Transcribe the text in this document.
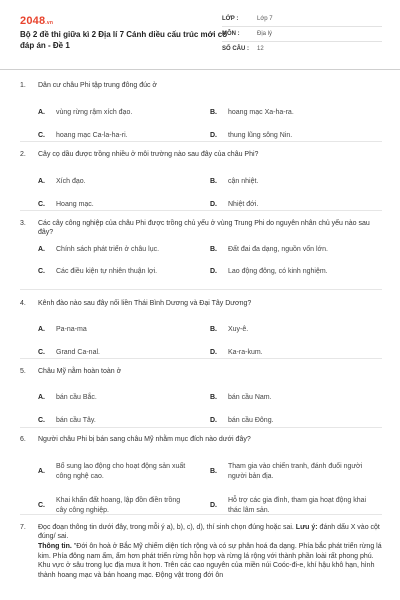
2048.vn
Bộ 2 đề thi giữa kì 2 Địa lí 7 Cánh diều cấu trúc mới có đáp án - Đề 1
LỚP :	Lớp 7
MÔN :	Địa lý
SỐ CÂU :	12
1.	Dân cư châu Phi tập trung đông đúc ở
A.	vùng rừng rậm xích đạo.	B.	hoang mạc Xa-ha-ra.
C.	hoang mạc Ca-la-ha-ri.	D.	thung lũng sông Nin.
2.	Cây cọ dầu được trồng nhiều ở môi trường nào sau đây của châu Phi?
A.	Xích đạo.	B.	cận nhiệt.
C.	Hoang mạc.	D.	Nhiệt đới.
3.	Các cây công nghiệp của châu Phi được trồng chủ yếu ở vùng Trung Phi do nguyên nhân chủ yếu nào sau đây?
A.	Chính sách phát triển ở châu lục.	B.	Đất đai đa dạng, nguồn vốn lớn.
C.	Các điều kiện tự nhiên thuận lợi.	D.	Lao động đông, có kinh nghiệm.
4.	Kênh đào nào sau đây nối liền Thái Bình Dương và Đại Tây Dương?
A.	Pa-na-ma	B.	Xuy-ê.
C.	Grand Ca-nal.	D.	Ka-ra-kum.
5.	Châu Mỹ nằm hoàn toàn ở
A.	bán cầu Bắc.	B.	bán cầu Nam.
C.	bán cầu Tây.	D.	bán cầu Đông.
6.	Người châu Phi bị bán sang châu Mỹ nhằm mục đích nào dưới đây?
A.
Bổ sung lao động cho hoạt động sản xuất công nghệ cao.
B.
Tham gia vào chiến tranh, đánh đuổi người người bản địa.
C.
Khai khẩn đất hoang, lập đồn điền trồng cây công nghiệp.
D.
Hỗ trợ các gia đình, tham gia hoạt động khai thác lâm sản.
7.	Đọc đoạn thông tin dưới đây, trong mỗi ý a), b), c), d), thí sinh chọn đúng hoặc sai. Lưu ý: đánh dấu X vào cột đúng/ sai.
Thông tin. "Đới ôn hoà ở Bắc Mỹ chiếm diện tích rộng và có sự phân hoá đa dạng. Phía bắc phát triển rừng lá kim. Phía đông nam ấm, ẩm hơn phát triển rừng hỗn hợp và rừng lá rộng với thành phần loài rất phong phú. Khu vực ở sâu trong lục địa mưa ít hơn. Trên các cao nguyên của miền núi Coóc-đi-e, khí hậu khô hạn, hình thành hoang mạc và bán hoang mạc. Động vật trong đới ôn
